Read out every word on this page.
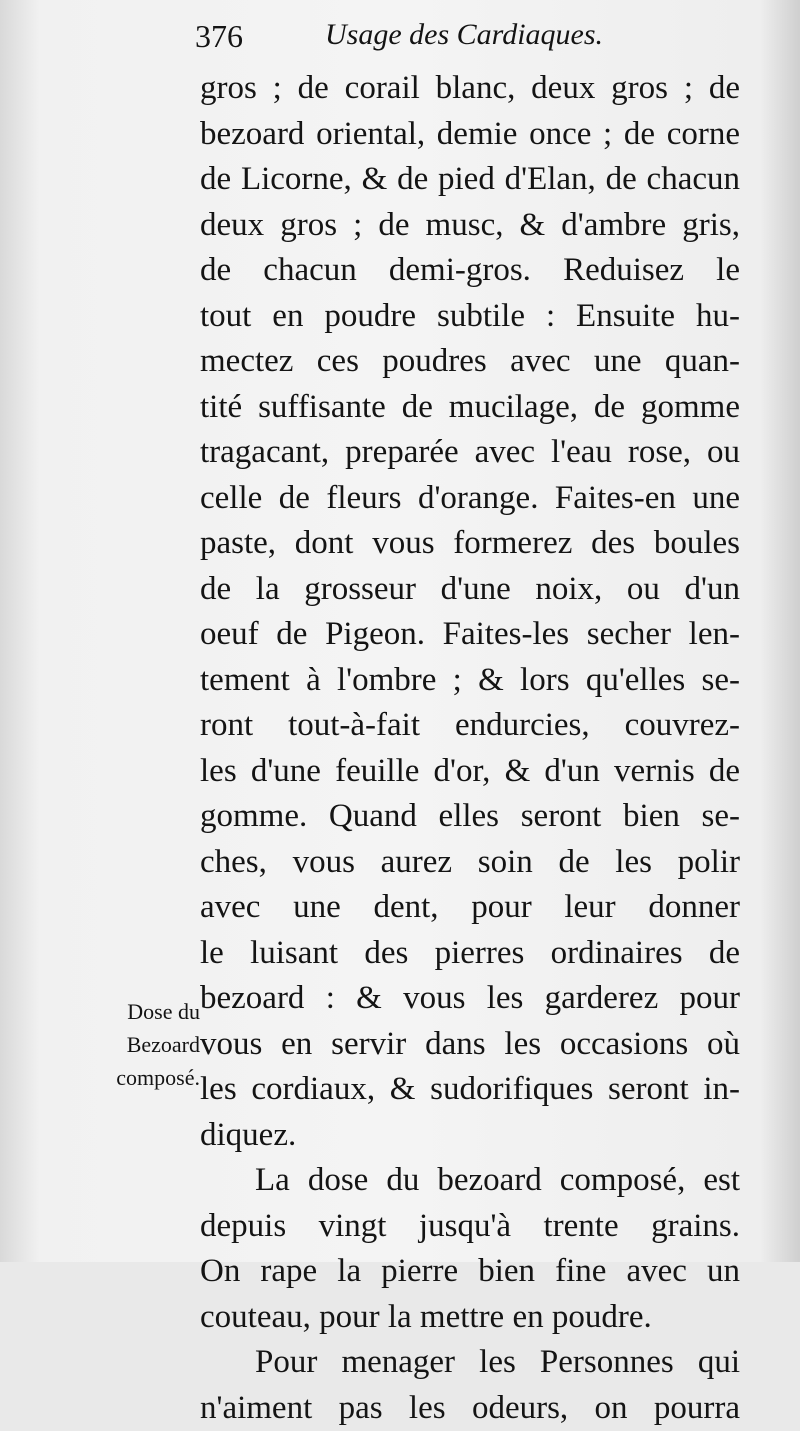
376	Usage des Cardiaques.
gros ; de corail blanc, deux gros ; de
bezoard oriental, demie once ; de corne
de Licorne, & de pied d'Elan, de chacun
deux gros ; de musc, & d'ambre gris,
de chacun demi-gros. Reduisez le
tout en poudre subtile : Ensuite hu-
mectez ces poudres avec une quan-
tité suffisante de mucilage, de gomme
tragacant, preparée avec l'eau rose, ou
celle de fleurs d'orange. Faites-en une
paste, dont vous formerez des boules
de la grosseur d'une noix, ou d'un
oeuf de Pigeon. Faites-les secher len-
tement à l'ombre ; & lors qu'elles se-
ront tout-à-fait endurcies, couvrez-
les d'une feuille d'or, & d'un vernis de
gomme. Quand elles seront bien se-
ches, vous aurez soin de les polir
avec une dent, pour leur donner
le luisant des pierres ordinaires de
bezoard : & vous les garderez pour
vous en servir dans les occasions où
les cordiaux, & sudorifiques seront in-
diquez.
La dose du bezoard composé, est
depuis vingt jusqu'à trente grains.
On rape la pierre bien fine avec un
couteau, pour la mettre en poudre.
Pour menager les Personnes qui
n'aiment pas les odeurs, on pourra
Dose du
Bezoard
composé.
